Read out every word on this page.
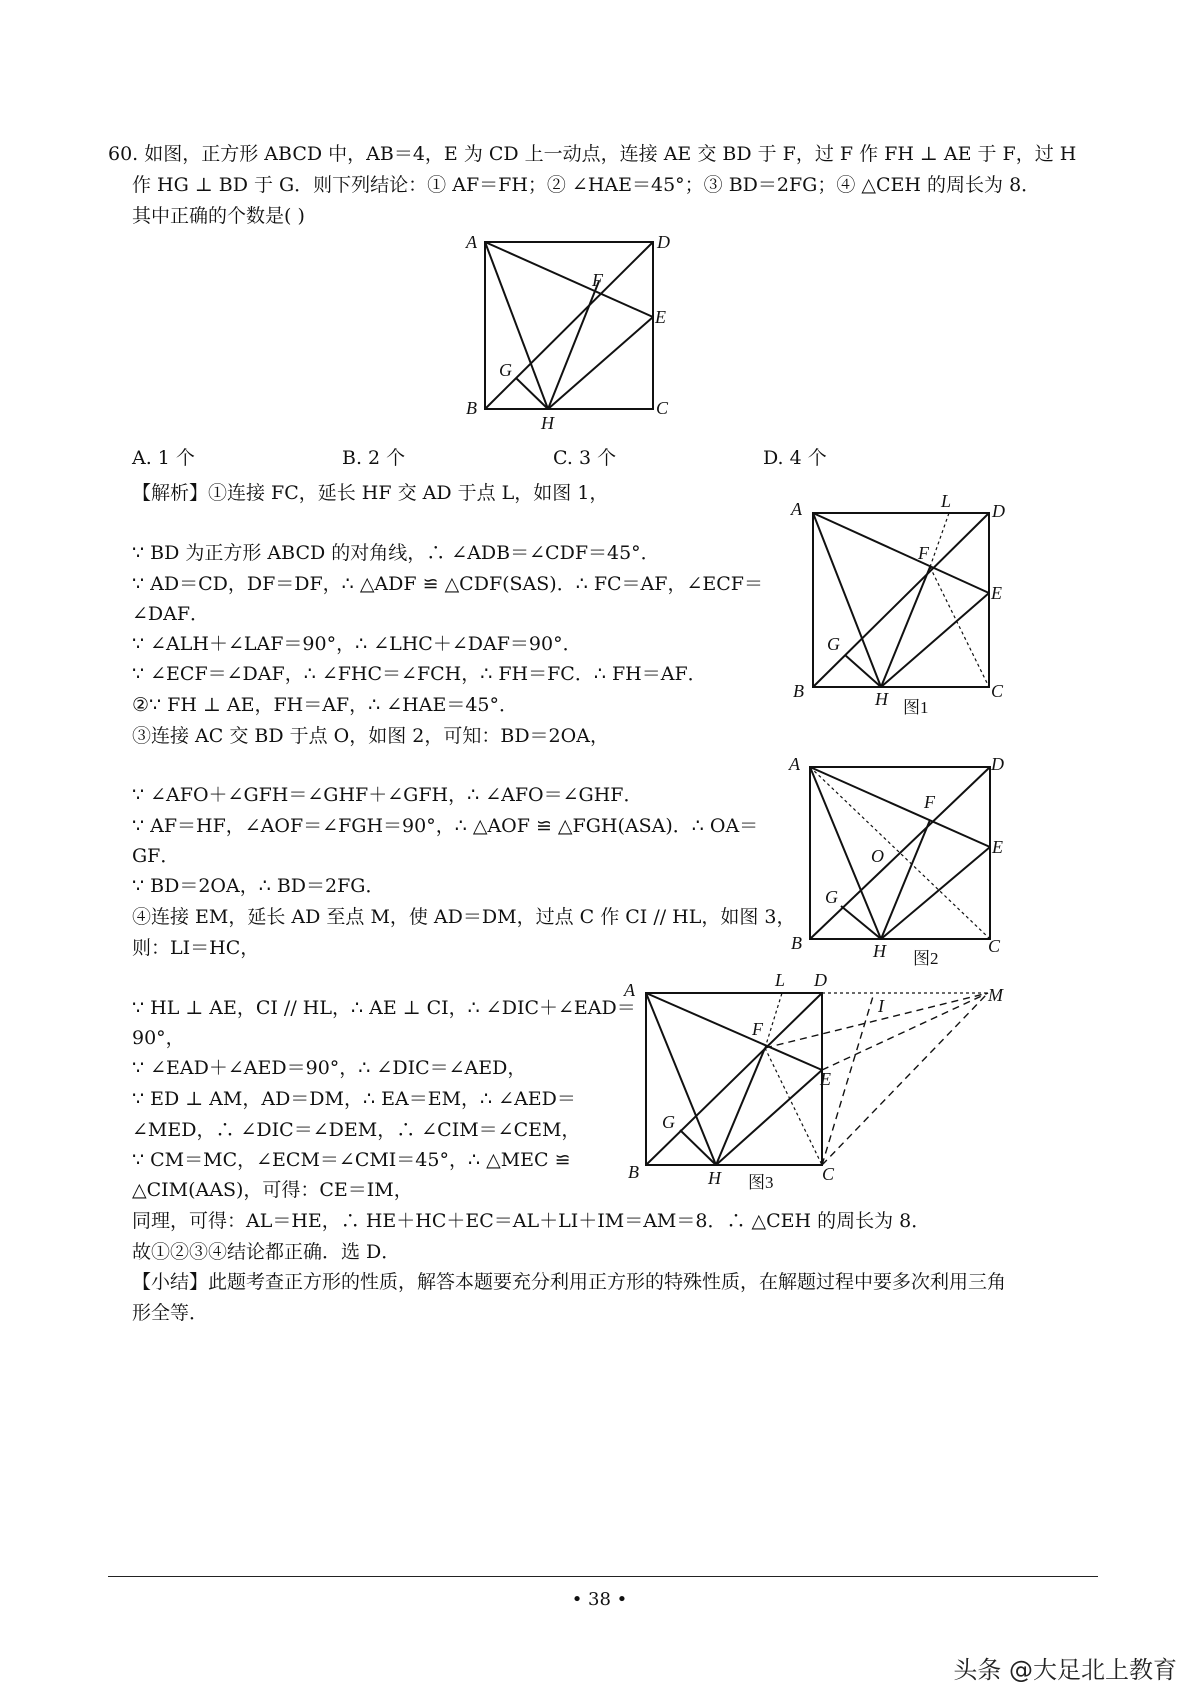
60. 如图，正方形 ABCD 中，AB＝4，E 为 CD 上一动点，连接 AE 交 BD 于 F，过 F 作 FH ⊥ AE 于 F，过 H
作 HG ⊥ BD 于 G．则下列结论：① AF＝FH；② ∠HAE＝45°；③ BD＝2FG；④ △CEH 的周长为 8．
其中正确的个数是( )
A	D
F
E
G
B
H
C
A. 1 个	B. 2 个	C. 3 个	D. 4 个
【解析】①连接 FC，延长 HF 交 AD 于点 L，如图 1，
∵ BD 为正方形 ABCD 的对角线，∴ ∠ADB＝∠CDF＝45°．
∵ AD＝CD，DF＝DF，∴ △ADF ≌ △CDF(SAS)．∴ FC＝AF，∠ECF＝
∠DAF．
∵ ∠ALH＋∠LAF＝90°，∴ ∠LHC＋∠DAF＝90°．
∵ ∠ECF＝∠DAF，∴ ∠FHC＝∠FCH，∴ FH＝FC．∴ FH＝AF．
②∵ FH ⊥ AE，FH＝AF，∴ ∠HAE＝45°．
③连接 AC 交 BD 于点 O，如图 2，可知：BD＝2OA，
∵ ∠AFO＋∠GFH＝∠GHF＋∠GFH，∴ ∠AFO＝∠GHF．
∵ AF＝HF，∠AOF＝∠FGH＝90°，∴ △AOF ≌ △FGH(ASA)．∴ OA＝
GF．
∵ BD＝2OA，∴ BD＝2FG．
④连接 EM，延长 AD 至点 M，使 AD＝DM，过点 C 作 CI // HL，如图 3，
则：LI＝HC，
∵ HL ⊥ AE，CI // HL，∴ AE ⊥ CI，∴ ∠DIC＋∠EAD＝
90°，
∵ ∠EAD＋∠AED＝90°，∴ ∠DIC＝∠AED，
∵ ED ⊥ AM，AD＝DM，∴ EA＝EM，∴ ∠AED＝
∠MED，∴ ∠DIC＝∠DEM，∴ ∠CIM＝∠CEM，
∵ CM＝MC，∠ECM＝∠CMI＝45°，∴ △MEC ≌
△CIM(AAS)，可得：CE＝IM，
同理，可得：AL＝HE，∴ HE＋HC＋EC＝AL＋LI＋IM＝AM＝8．∴ △CEH 的周长为 8．
故①②③④结论都正确．选 D．
【小结】此题考查正方形的性质，解答本题要充分利用正方形的特殊性质，在解题过程中要多次利用三角
形全等．
A	L D
F
E
G
B	H 图1
C
A	D
F
O	E
G
B	H 图2
C
A	L D
I
M
F
E
G
B	H 图3	C
• 38 •
头条 @大足北上教育
